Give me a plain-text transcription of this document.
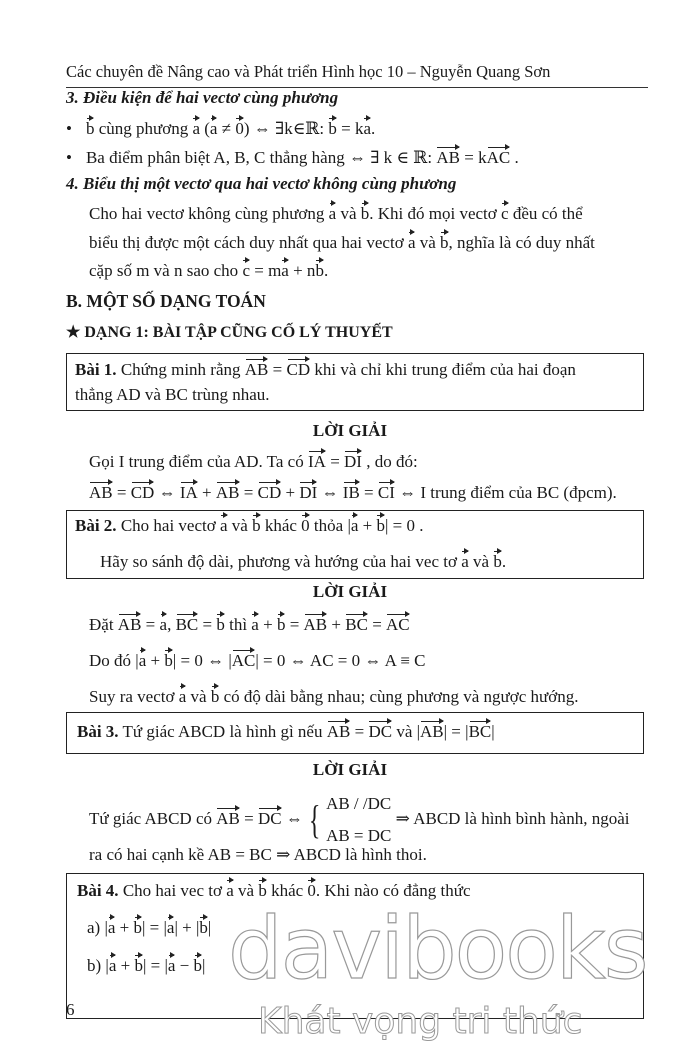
Các chuyên đề Nâng cao và Phát triển Hình học 10 – Nguyễn Quang Sơn
3. Điều kiện để hai vectơ cùng phương
• b cùng phương a (a ≠ 0) ⇔ ∃k∈ℝ: b = ka.
• Ba điểm phân biệt A, B, C thẳng hàng ⇔ ∃ k ∈ ℝ: AB = kAC .
4. Biểu thị một vectơ qua hai vectơ không cùng phương
Cho hai vectơ không cùng phương a và b. Khi đó mọi vectơ c đều có thể
biểu thị được một cách duy nhất qua hai vectơ a và b, nghĩa là có duy nhất
cặp số m và n sao cho c = ma + nb.
B. MỘT SỐ DẠNG TOÁN
★ DẠNG 1: BÀI TẬP CŨNG CỐ LÝ THUYẾT
Bài 1. Chứng minh rằng AB = CD khi và chỉ khi trung điểm của hai đoạn
thẳng AD và BC trùng nhau.
LỜI GIẢI
Gọi I trung điểm của AD. Ta có IA = DI , do đó:
AB = CD ⇔ IA + AB = CD + DI ⇔ IB = CI ⇔ I trung điểm của BC (đpcm).
Bài 2. Cho hai vectơ a và b khác 0 thỏa |a + b| = 0 .
Hãy so sánh độ dài, phương và hướng của hai vec tơ a và b.
LỜI GIẢI
Đặt AB = a, BC = b thì a + b = AB + BC = AC
Do đó |a + b| = 0 ⇔ |AC| = 0 ⇔ AC = 0 ⇔ A ≡ C
Suy ra vectơ a và b có độ dài bằng nhau; cùng phương và ngược hướng.
Bài 3. Tứ giác ABCD là hình gì nếu AB = DC và |AB| = |BC|
LỜI GIẢI
Tứ giác ABCD có AB = DC ⇔ { AB / /DC
AB = DC ⇒ ABCD là hình bình hành, ngoài
ra có hai cạnh kề AB = BC ⇒ ABCD là hình thoi.
Bài 4. Cho hai vec tơ a và b khác 0. Khi nào có đẳng thức
a) |a + b| = |a| + |b|
b) |a + b| = |a − b|
6
davibooks
Khát vọng tri thức
